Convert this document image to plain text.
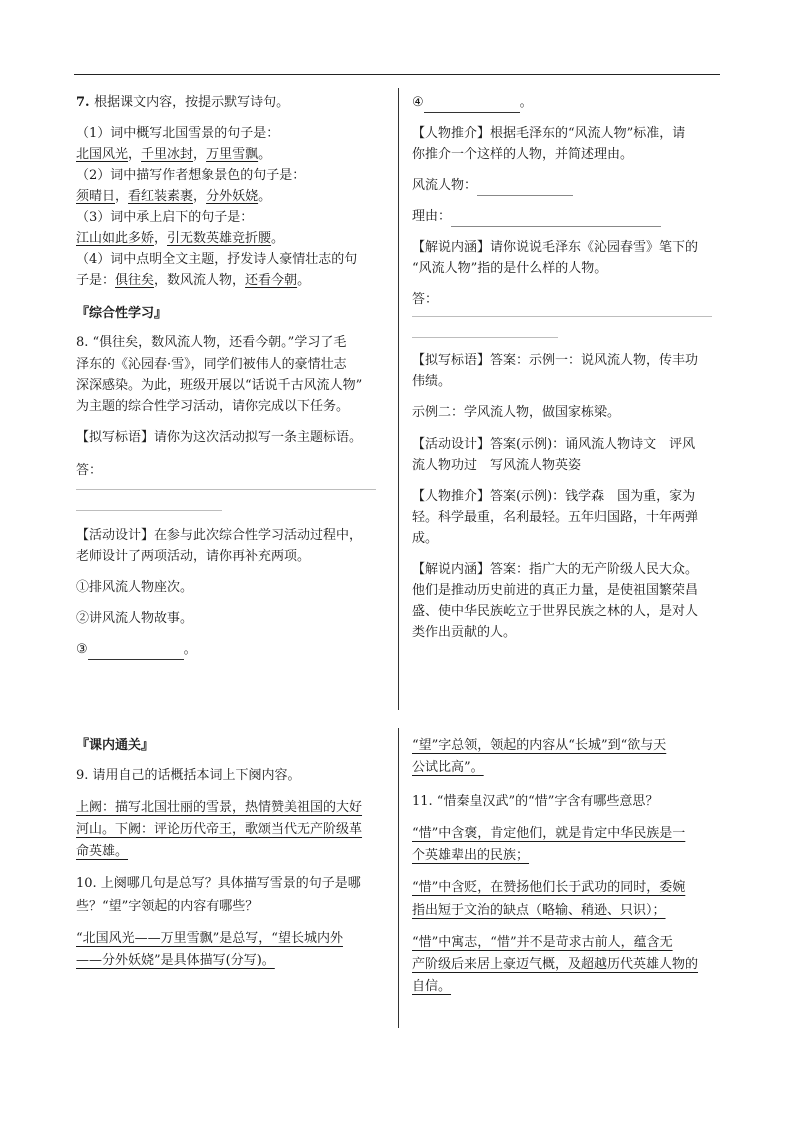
7. 根据课文内容，按提示默写诗句。

（1）词中概写北国雪景的句子是：

北国风光，千里冰封，万里雪飘。

（2）词中描写作者想象景色的句子是：

须晴日，看红装素裹，分外妖娆。

（3）词中承上启下的句子是：

江山如此多娇，引无数英雄竞折腰。

（4）词中点明全文主题，抒发诗人豪情壮志的句

子是：俱往矣，数风流人物，还看今朝。

『综合性学习』

8. “俱往矣，数风流人物，还看今朝。”学习了毛

泽东的《沁园春·雪》，同学们被伟人的豪情壮志

深深感染。为此，班级开展以“话说千古风流人物”

为主题的综合性学习活动，请你完成以下任务。

【拟写标语】请你为这次活动拟写一条主题标语。

答：

【活动设计】在参与此次综合性学习活动过程中，

老师设计了两项活动，请你再补充两项。

①排风流人物座次。

②讲风流人物故事。

③	。

④	。

【人物推介】根据毛泽东的“风流人物”标准，请

你推介一个这样的人物，并简述理由。

风流人物：

理由：

【解说内涵】请你说说毛泽东《沁园春雪》笔下的

“风流人物”指的是什么样的人物。

答：

【拟写标语】答案：示例一：说风流人物，传丰功

伟绩。

示例二：学风流人物，做国家栋梁。

【活动设计】答案(示例)：诵风流人物诗文　评风

流人物功过　写风流人物英姿

【人物推介】答案(示例)：钱学森　国为重，家为

轻。科学最重，名利最轻。五年归国路，十年两弹

成。

【解说内涵】答案：指广大的无产阶级人民大众。

他们是推动历史前进的真正力量，是使祖国繁荣昌

盛、使中华民族屹立于世界民族之林的人，是对人

类作出贡献的人。

『课内通关』

9. 请用自己的话概括本词上下阕内容。

上阙：描写北国壮丽的雪景，热情赞美祖国的大好

河山。下阙：评论历代帝王，歌颂当代无产阶级革

命英雄。

10. 上阕哪几句是总写？具体描写雪景的句子是哪

些？“望”字领起的内容有哪些？

“北国风光——万里雪飘”是总写，“望长城内外

——分外妖娆”是具体描写(分写)。

“望”字总领，领起的内容从“长城”到“欲与天

公试比高”。

11. “惜秦皇汉武”的“惜”字含有哪些意思？

“惜”中含褒，肯定他们，就是肯定中华民族是一

个英雄辈出的民族；

“惜”中含贬，在赞扬他们长于武功的同时，委婉

指出短于文治的缺点（略输、稍逊、只识）；

“惜”中寓志，“惜”并不是苛求古前人，蕴含无

产阶级后来居上豪迈气概，及超越历代英雄人物的

自信。
